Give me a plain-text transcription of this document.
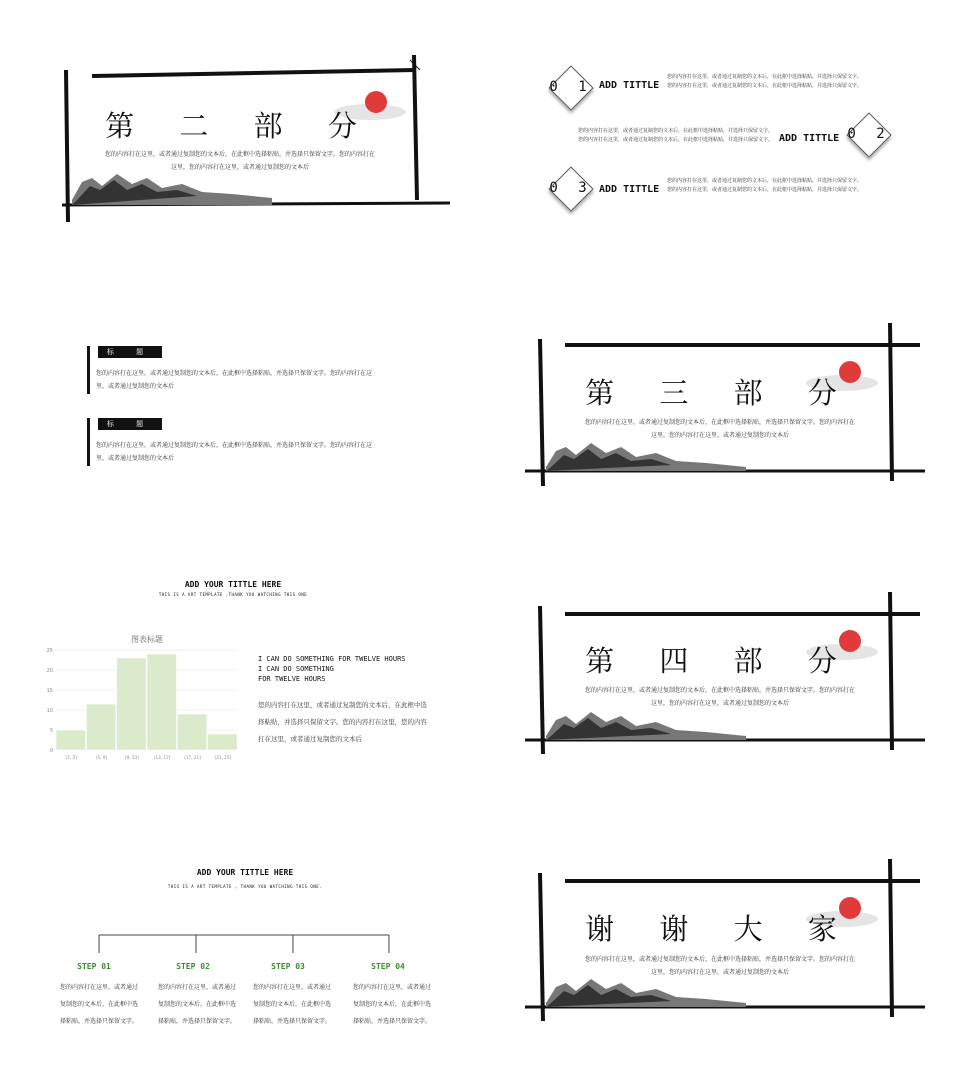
第 二 部 分
您的内容打在这里，或者通过复制您的文本后，在此框中选择粘贴，并选择只保留文字。您的内容打在
这里，您的内容打在这里，或者通过复制您的文本后
0 1 ADD TITTLE
您的内容打在这里，或者通过复制您的文本后，在此框中选择粘贴，并选择只保留文字。您的内容打在这里，或者通过复制您的文本后，在此框中选择粘贴，并选择只保留文字。
您的内容打在这里，或者通过复制您的文本后，在此框中选择粘贴，并选择只保留文字。您的内容打在这里，或者通过复制您的文本后，在此框中选择粘贴，并选择只保留文字。 ADD TITTLE 0 2
0 3 ADD TITTLE
您的内容打在这里，或者通过复制您的文本后，在此框中选择粘贴，并选择只保留文字。您的内容打在这里，或者通过复制您的文本后，在此框中选择粘贴，并选择只保留文字。
标 题
您的内容打在这里，或者通过复制您的文本后，在此框中选择粘贴，并选择只保留文字。您的内容打在这
里，或者通过复制您的文本后
标 题
您的内容打在这里，或者通过复制您的文本后，在此框中选择粘贴，并选择只保留文字。您的内容打在这
里，或者通过复制您的文本后
第 三 部 分
您的内容打在这里，或者通过复制您的文本后，在此框中选择粘贴，并选择只保留文字。您的内容打在
这里，您的内容打在这里，或者通过复制您的文本后
ADD YOUR TITTLE HERE
THIS IS A ART TEMPLATE ,THANK YOU WATCHING THIS ONE
图表标题
0
5
10
15
20
25
[1, 5]	(5, 9]	(9, 13]	(13, 17]	(17, 21]	(21, 25]
I CAN DO SOMETHING FOR TWELVE HOURS
I CAN DO SOMETHING
FOR TWELVE HOURS
您的内容打在这里，或者通过复制您的文本后，在此框中选
择粘贴，并选择只保留文字。您的内容打在这里，您的内容
打在这里，或者通过复制您的文本后
第 四 部 分
您的内容打在这里，或者通过复制您的文本后，在此框中选择粘贴，并选择只保留文字。您的内容打在
这里，您的内容打在这里，或者通过复制您的文本后
ADD YOUR TITTLE HERE
THIS IS A ART TEMPLATE , THANK YOU WATCHING THIS ONE.
STEP 01	STEP 02	STEP 03	STEP 04
您的内容打在这里，或者通过
复制您的文本后，在此框中选
择粘贴，并选择只保留文字。
您的内容打在这里，或者通过
复制您的文本后，在此框中选
择粘贴，并选择只保留文字。
您的内容打在这里，或者通过
复制您的文本后，在此框中选
择粘贴，并选择只保留文字。
您的内容打在这里，或者通过
复制您的文本后，在此框中选
择粘贴，并选择只保留文字。
谢 谢 大 家
您的内容打在这里，或者通过复制您的文本后，在此框中选择粘贴，并选择只保留文字。您的内容打在
这里，您的内容打在这里，或者通过复制您的文本后
